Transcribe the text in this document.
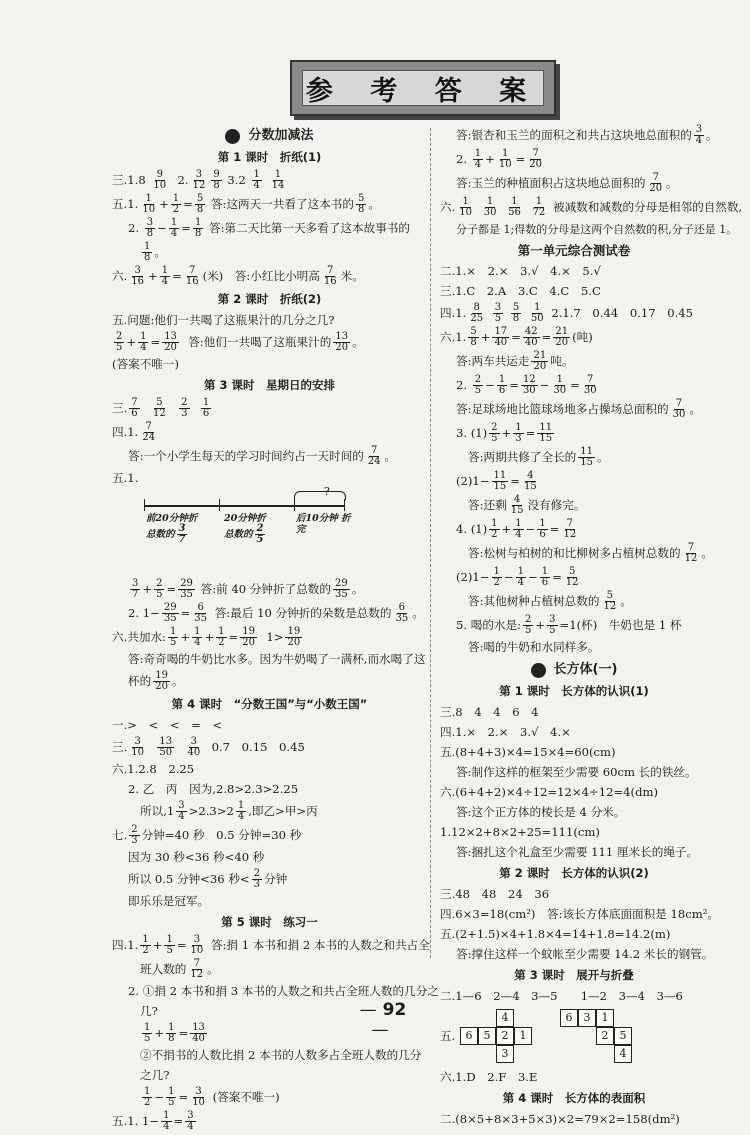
参 考 答 案
分数加减法
第 1 课时　折纸(1)
三.1.8
$\frac{9}{10}$
2. $\frac{3}{12} \frac{9}{8}$
3.2
$\frac{1}{4}$
$\frac{1}{14}$
五.1. $\frac{1}{10} + \frac{1}{2} = \frac{5}{8}$
答:这两天一共看了这本书的 $\frac{5}{8}$ 。
2.
$\frac{3}{8} - \frac{1}{4} = \frac{1}{8}$
答:第二天比第一天多看了这本故事书的
$\frac{1}{8}$ 。
六. $\frac{3}{16} + \frac{1}{4} = \frac{7}{16}$ (米)　答:小红比小明高 $\frac{7}{16}$ 米。
第 2 课时　折纸(2)
五.问题:他们一共喝了这瓶果汁的几分之几?
$\frac{2}{5} + \frac{1}{4} = \frac{13}{20}$
答:他们一共喝了这瓶果汁的 $\frac{13}{20}$ 。
(答案不唯一)
第 3 课时　星期日的安排
三. $\frac{7}{6}$
$\frac{5}{12}$
$\frac{2}{3}$
$\frac{1}{6}$
四.1. $\frac{7}{24}$
答:一个小学生每天的学习时间约占一天时间的 $\frac{7}{24}$ 。
五.1.
?
前20分钟折
总数的 $\frac{3}{7}$
20分钟折
总数的 $\frac{2}{5}$
后10分钟 折完
$\frac{3}{7} + \frac{2}{5} = \frac{29}{35}$
答:前 40 分钟折了总数的 $\frac{29}{35}$ 。
2. $1- \frac{29}{35} = \frac{6}{35}$
答:最后 10 分钟折的朵数是总数的 $\frac{6}{35}$ 。
六.共加水: $\frac{1}{5} + \frac{1}{4} + \frac{1}{2} = \frac{19}{20}$
$1> \frac{19}{20}$
答:奇奇喝的牛奶比水多。因为牛奶喝了一满杯,而水喝了这
杯的 $\frac{19}{20}$ 。
第 4 课时　“分数王国”与“小数王国”
一.>　<　<　=　<
三. $\frac{3}{10}$
$\frac{13}{50}$
$\frac{3}{40}$
0.7　0.15　0.45
六.1.2.8　2.25
2. 乙　丙　因为,2.8>2.3>2.25
所以$,1 \frac{3}{4} >2.3>2 \frac{1}{4}$ ,即乙>甲>丙
七. $\frac{2}{3}$ 分钟=40 秒　0.5 分钟=30 秒
因为 30 秒<36 秒<40 秒
所以 0.5 分钟<36 秒< $\frac{2}{3}$ 分钟
即乐乐是冠军。
第 5 课时　练习一
四.1. $\frac{1}{2} + \frac{1}{5} = \frac{3}{10}$
答:捐 1 本书和捐 2 本书的人数之和共占全
班人数的 $\frac{7}{12}$ 。
2. ①捐 2 本书和捐 3 本书的人数之和共占全班人数的几分之
几?
$\frac{1}{5} + \frac{1}{8} = \frac{13}{40}$
②不捐书的人数比捐 2 本书的人数多占全班人数的几分
之几?
$\frac{1}{2} - \frac{1}{5} = \frac{3}{10}$
(答案不唯一)
五.1. $1- \frac{1}{4} = \frac{3}{4}$
答:银杏和玉兰的面积之和共占这块地总面积的 $\frac{3}{4}$ 。
2.
$\frac{1}{4} + \frac{1}{10} = \frac{7}{20}$
答:玉兰的种植面积占这块地总面积的 $\frac{7}{20}$ 。
六. $\frac{1}{10}$
$\frac{1}{30}$
$\frac{1}{56}$
$\frac{1}{72}$
被减数和减数的分母是相邻的自然数,
分子都是 1;得数的分母是这两个自然数的积,分子还是 1。
第一单元综合测试卷
二.1.×　2.×　3.√　4.×　5.√
三.1.C　2.A　3.C　4.C　5.C
四.1. $\frac{8}{25}$
$\frac{3}{5}$
$\frac{5}{8}$
$\frac{1}{50}$
2.1.7　0.44　0.17　0.45
六.1. $\frac{5}{8} + \frac{17}{40} = \frac{42}{40} = \frac{21}{20}$ (吨)
答:两车共运走 $\frac{21}{20}$ 吨。
2.
$\frac{2}{5} - \frac{1}{6} = \frac{12}{30} - \frac{1}{30} = \frac{7}{30}$
答:足球场地比篮球场地多占操场总面积的 $\frac{7}{30}$ 。
3. $(1) \frac{2}{5} + \frac{1}{3} = \frac{11}{15}$
答:两期共修了全长的 $\frac{11}{15}$ 。
$(2)1- \frac{11}{15} = \frac{4}{15}$
答:还剩 $\frac{4}{15}$ 没有修完。
4. $(1) \frac{1}{2} + \frac{1}{4} - \frac{1}{6} = \frac{7}{12}$
答:松树与柏树的和比柳树多占植树总数的 $\frac{7}{12}$ 。
$(2)1- \frac{1}{2} - \frac{1}{4} - \frac{1}{6} = \frac{5}{12}$
答:其他树种占植树总数的 $\frac{5}{12}$ 。
5. 喝的水是: $\frac{2}{5} + \frac{3}{5} =1$(杯)　牛奶也是 1 杯
答:喝的牛奶和水同样多。
长方体(一)
第 1 课时　长方体的认识(1)
三.8　4　4　6　4
四.1.×　2.×　3.√　4.×
五.(8+4+3)×4=15×4=60(cm)
答:制作这样的框架至少需要 60cm 长的铁丝。
六.(6+4+2)×4÷12=12×4÷12=4(dm)
答:这个正方体的棱长是 4 分米。
1.12×2+8×2+25=111(cm)
答:捆扎这个礼盒至少需要 111 厘米长的绳子。
第 2 课时　长方体的认识(2)
三.48　48　24　36
四.6×3=18(cm²)　答:该长方体底面面积是 18cm²。
五.(2+1.5)×4+1.8×4=14+1.8=14.2(m)
答:撑住这样一个蚊帐至少需要 14.2 米长的钢管。
第 3 课时　展开与折叠
二.1—6　2—4　3—5　　1—2　3—4　3—6
五.
4
6	5	2	1
3
6	3	1
2	5
4
六.1.D　2.F　3.E
第 4 课时　长方体的表面积
二.(8×5+8×3+5×3)×2=79×2=158(dm²)
— 92 —
